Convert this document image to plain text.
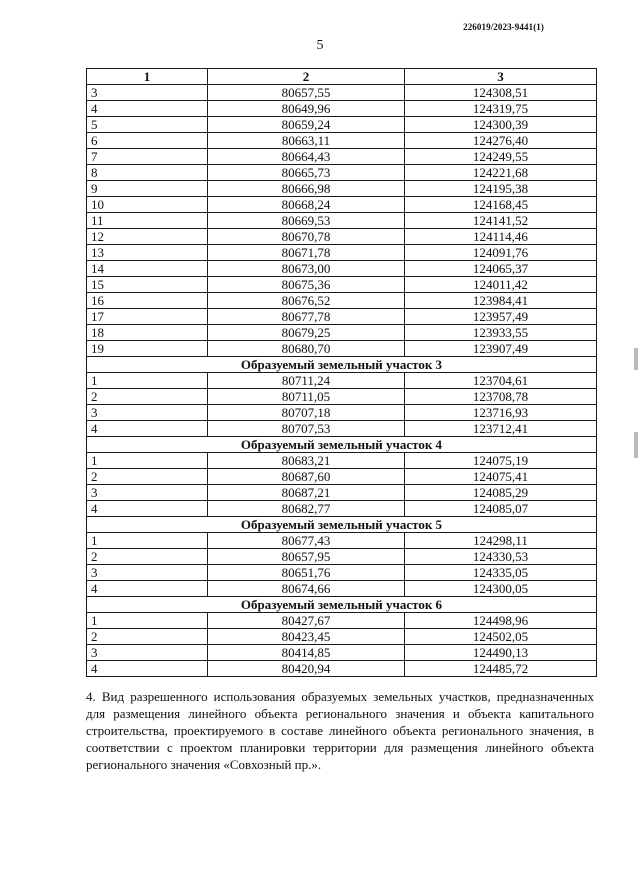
226019/2023-9441(1)
5
1	2	3
3	80657,55	124308,51
4	80649,96	124319,75
5	80659,24	124300,39
6	80663,11	124276,40
7	80664,43	124249,55
8	80665,73	124221,68
9	80666,98	124195,38
10	80668,24	124168,45
11	80669,53	124141,52
12	80670,78	124114,46
13	80671,78	124091,76
14	80673,00	124065,37
15	80675,36	124011,42
16	80676,52	123984,41
17	80677,78	123957,49
18	80679,25	123933,55
19	80680,70	123907,49
Образуемый земельный участок 3		
1	80711,24	123704,61
2	80711,05	123708,78
3	80707,18	123716,93
4	80707,53	123712,41
Образуемый земельный участок 4		
1	80683,21	124075,19
2	80687,60	124075,41
3	80687,21	124085,29
4	80682,77	124085,07
Образуемый земельный участок 5		
1	80677,43	124298,11
2	80657,95	124330,53
3	80651,76	124335,05
4	80674,66	124300,05
Образуемый земельный участок 6		
1	80427,67	124498,96
2	80423,45	124502,05
3	80414,85	124490,13
4	80420,94	124485,72

4. Вид разрешенного использования образуемых земельных участков, предназначенных для размещения линейного объекта регионального значения и объекта капитального строительства, проектируемого в составе линейного объекта регионального значения, в соответствии с проектом планировки территории для размещения линейного объекта регионального значения «Совхозный пр.».
